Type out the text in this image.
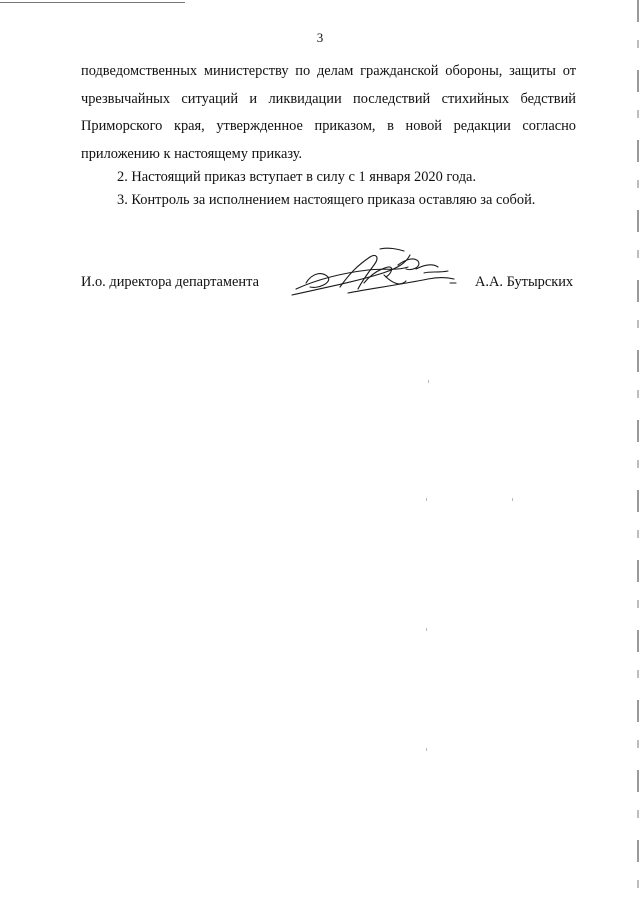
3
подведомственных министерству по делам гражданской обороны, защиты от
чрезвычайных ситуаций и ликвидации последствий стихийных бедствий
Приморского края, утвержденное приказом, в новой редакции согласно
приложению к настоящему приказу.
2. Настоящий приказ вступает в силу с 1 января 2020 года.
3. Контроль за исполнением настоящего приказа оставляю за собой.
И.о. директора департамента	А.А. Бутырских
